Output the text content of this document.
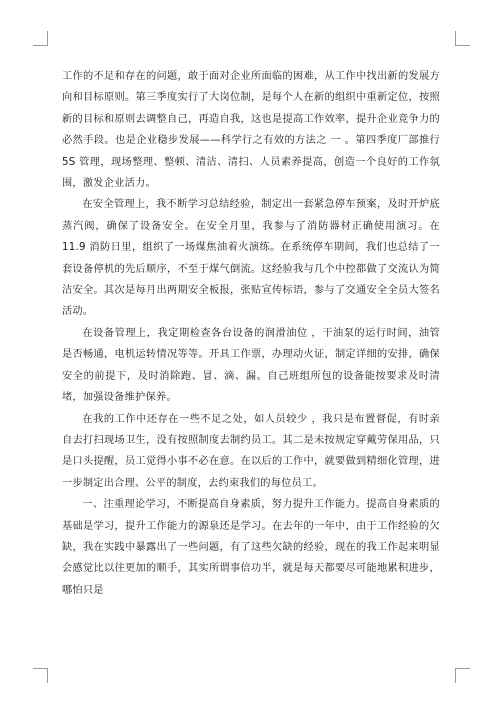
工作的不足和存在的问题，敢于面对企业所面临的困难，从工作中找出新的发展方向和目标原则。第三季度实行了大岗位制，是每个人在新的组织中重新定位，按照新的目标和原则去调整自己，再造自我，这也是提高工作效率，提升企业竞争力的必然手段。也是企业稳步发展——科学行之有效的方法之 一 。第四季度厂部推行 5S 管理，现场整理、整顿、清洁、清扫、人员素养提高，创造一个良好的工作氛围，激发企业活力。

在安全管理上，我不断学习总结经验，制定出一套紧急停车预案，及时开炉底蒸汽阀，确保了设备安全。在安全月里，我参与了消防器材正确使用演习。在 11.9 消防日里，组织了一场煤焦油着火演练。在系统停车期间，我们也总结了一套设备停机的先后顺序，不至于煤气倒流。这经验我与几个中控都做了交流认为简洁安全。其次是每月出两期安全板报，张贴宣传标语，参与了交通安全全员大签名活动。

在设备管理上，我定期检查各台设备的润滑油位 ，干油泵的运行时间，油管是否畅通，电机运转情况等等。开具工作票，办理动火证，制定详细的安排，确保安全的前提下，及时消除跑、冒、滴、漏。自己班组所包的设备能按要求及时清堵，加强设备维护保养。

在我的工作中还存在一些不足之处，如人员较少 ，我只是布置督促，有时亲自去打扫现场卫生，没有按照制度去制约员工。其二是未按规定穿戴劳保用品，只是口头提醒，员工觉得小事不必在意。在以后的工作中，就要做到精细化管理，进一步制定出合理、公平的制度，去约束我们的每位员工。

一、注重理论学习，不断提高自身素质，努力提升工作能力。提高自身素质的基础是学习，提升工作能力的源泉还是学习。在去年的一年中，由于工作经验的欠缺，我在实践中暴露出了一些问题，有了这些欠缺的经验，现在的我工作起来明显会感觉比以往更加的顺手，其实所谓事倍功半，就是每天都要尽可能地累积进步，哪怕只是
